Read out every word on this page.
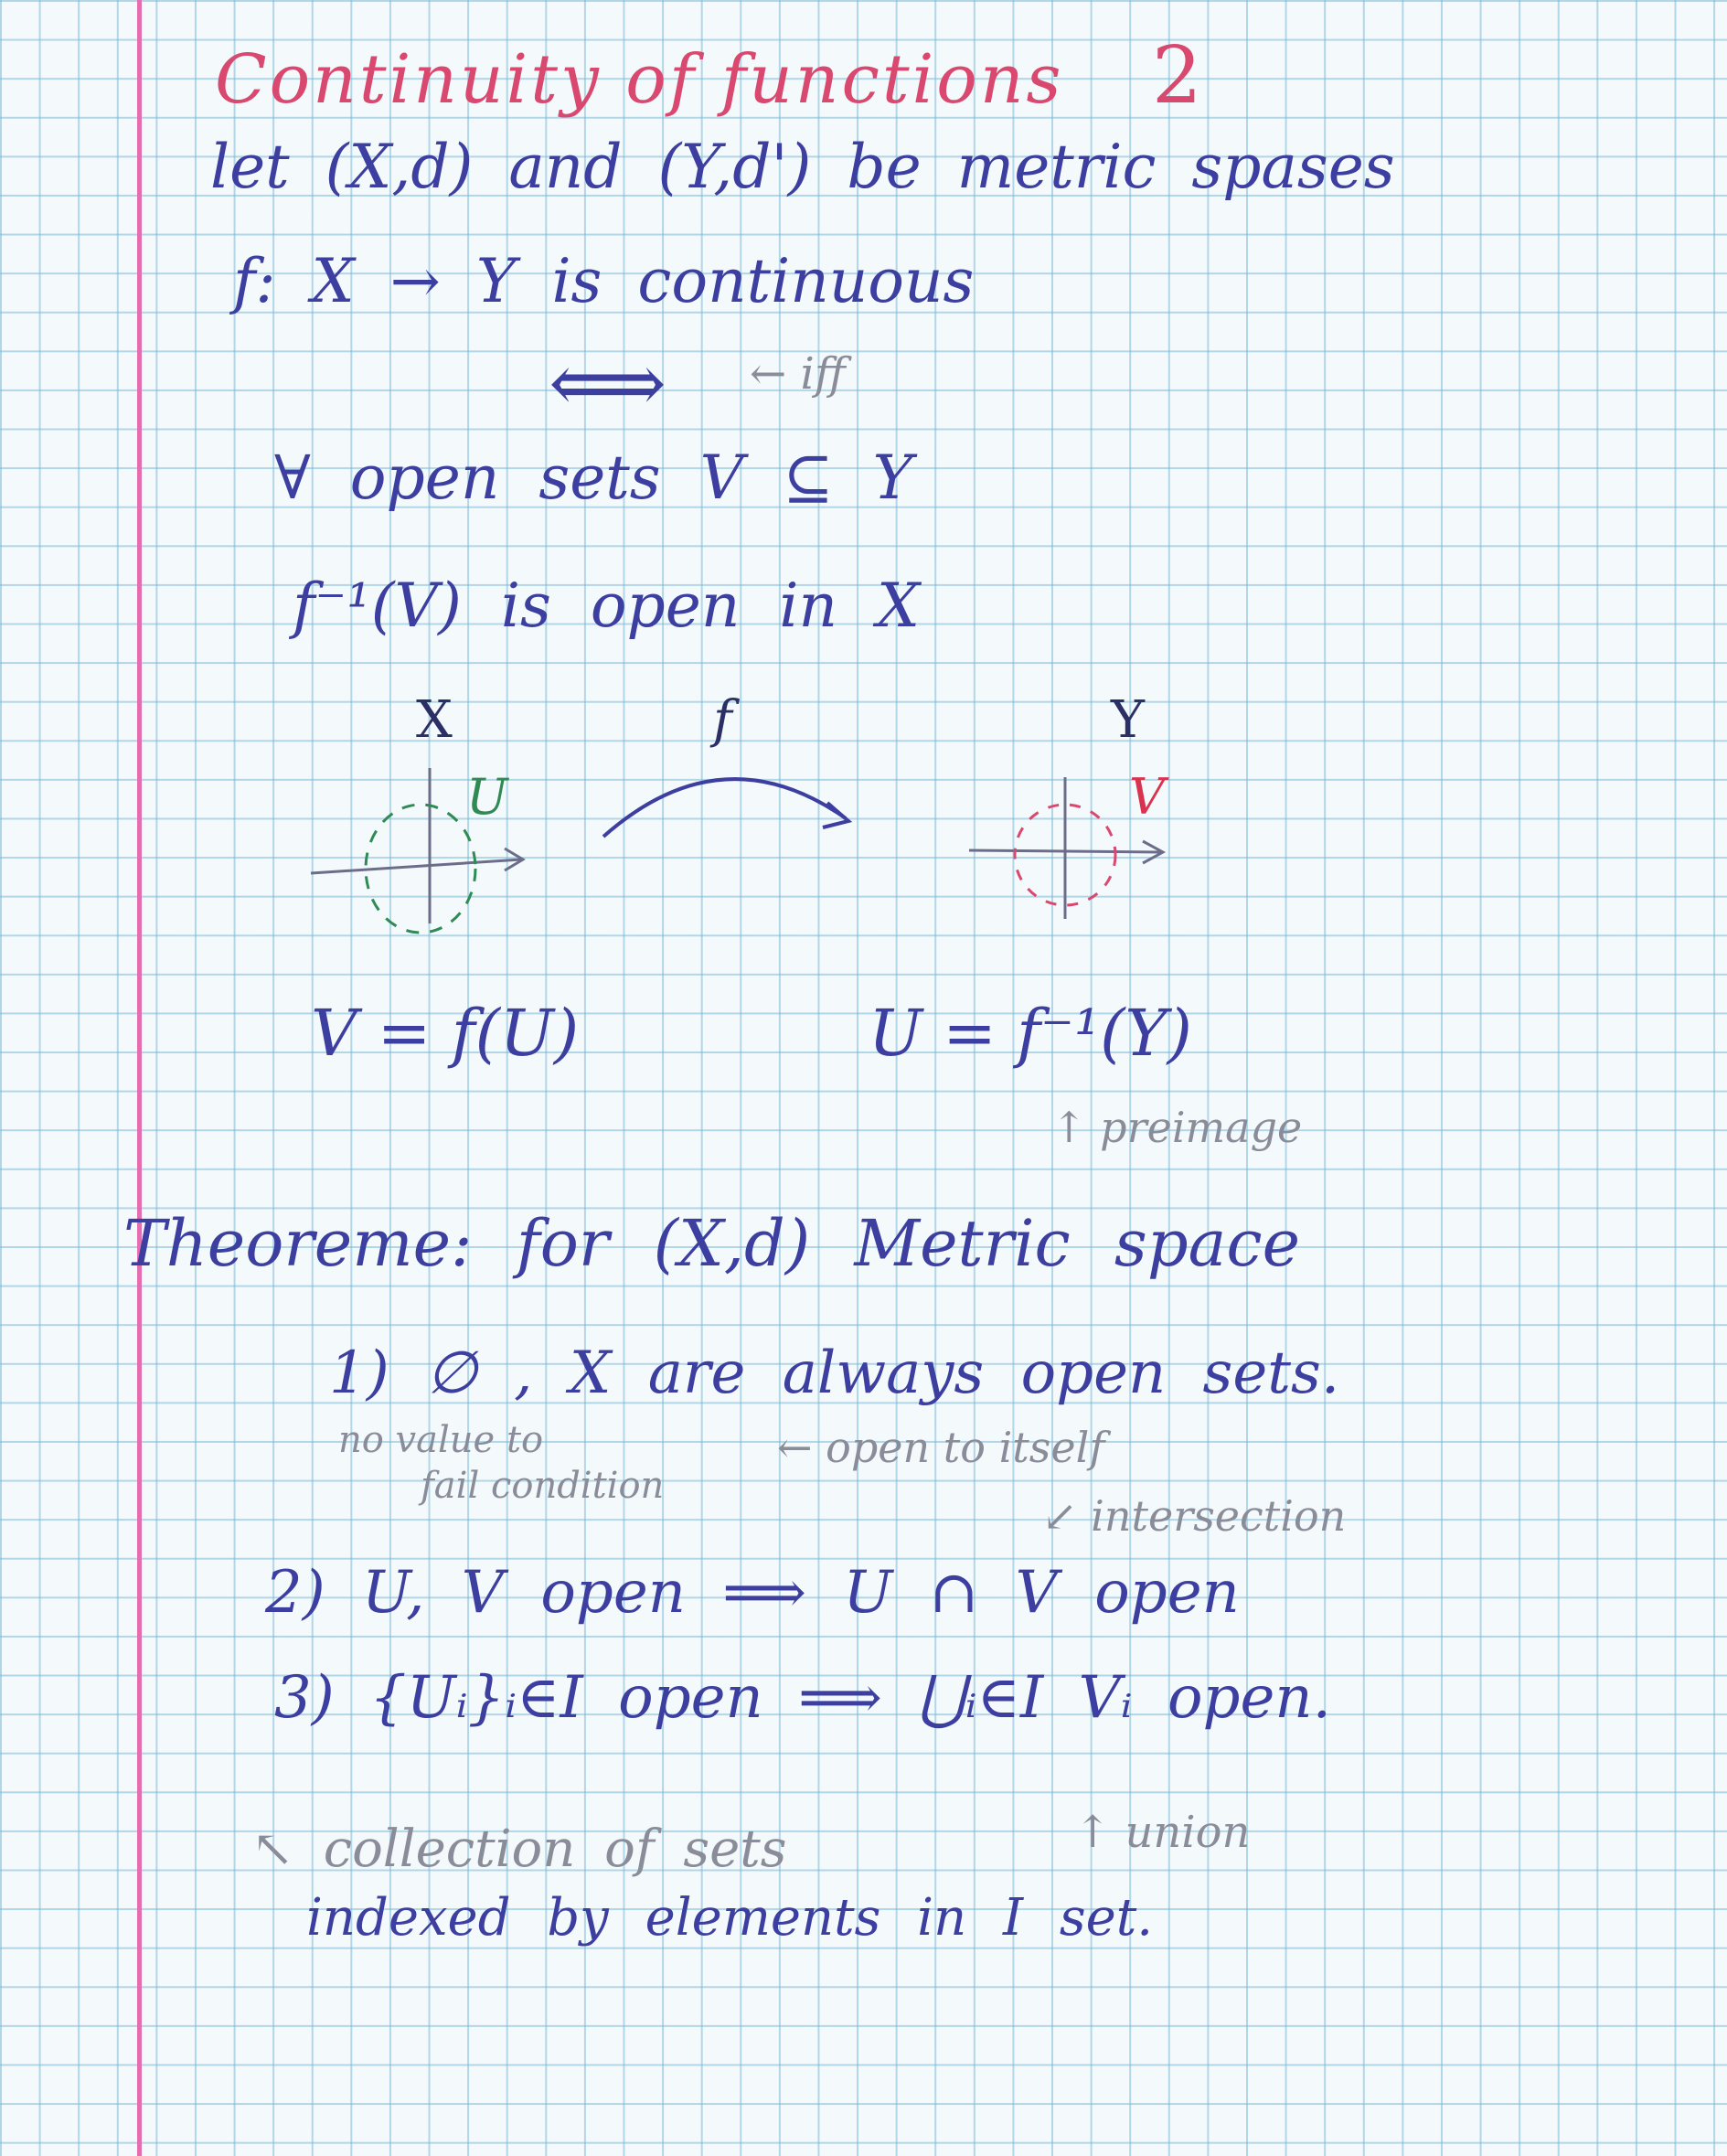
Continuity of functions 2
let (X,d) and (Y,d') be metric spases
f: X → Y is continuous
⟺ ← iff
∀ open sets V ⊆ Y
f⁻¹(V) is open in X
X	f	Y
U	V
V = f(U)	U = f⁻¹(Y)
↑ preimage
Theoreme: for (X,d) Metric space
1) ∅ , X are always open sets.
no value to
fail condition
← open to itself
↙ intersection
2) U, V open ⟹ U ∩ V open
3) {Uᵢ}ᵢ∈I open ⟹ ⋃ᵢ∈I Vᵢ open.
↑ union
↖ collection of sets
indexed by elements in I set.
